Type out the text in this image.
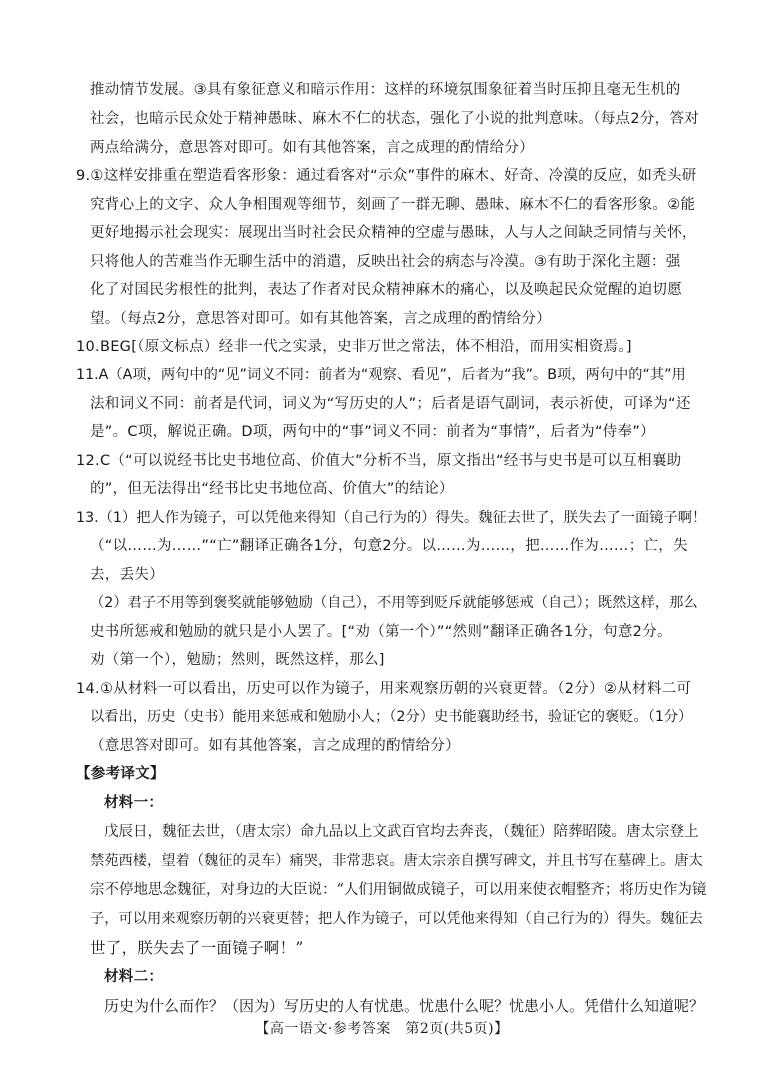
推动情节发展。③具有象征意义和暗示作用：这样的环境氛围象征着当时压抑且毫无生机的
社会，也暗示民众处于精神愚昧、麻木不仁的状态，强化了小说的批判意味。（每点2分，答对
两点给满分，意思答对即可。如有其他答案，言之成理的酌情给分）
9.①这样安排重在塑造看客形象：通过看客对“示众”事件的麻木、好奇、冷漠的反应，如秃头研
究背心上的文字、众人争相围观等细节，刻画了一群无聊、愚昧、麻木不仁的看客形象。②能
更好地揭示社会现实：展现出当时社会民众精神的空虚与愚昧，人与人之间缺乏同情与关怀，
只将他人的苦难当作无聊生活中的消遣，反映出社会的病态与冷漠。③有助于深化主题：强
化了对国民劣根性的批判，表达了作者对民众精神麻木的痛心，以及唤起民众觉醒的迫切愿
望。（每点2分，意思答对即可。如有其他答案，言之成理的酌情给分）
10.BEG[（原文标点）经非一代之实录，史非万世之常法，体不相沿，而用实相资焉。]
11.A（A项，两句中的“见”词义不同：前者为“观察、看见”，后者为“我”。B项，两句中的“其”用
法和词义不同：前者是代词，词义为“写历史的人”；后者是语气副词，表示祈使，可译为“还
是”。C项，解说正确。D项，两句中的“事”词义不同：前者为“事情”，后者为“侍奉”）
12.C（“可以说经书比史书地位高、价值大”分析不当，原文指出“经书与史书是可以互相襄助
的”，但无法得出“经书比史书地位高、价值大”的结论）
13.（1）把人作为镜子，可以凭他来得知（自己行为的）得失。魏征去世了，朕失去了一面镜子啊！
（“以……为……”“亡”翻译正确各1分，句意2分。以……为……，把……作为……；亡，失
去，丢失）
（2）君子不用等到褒奖就能够勉励（自己），不用等到贬斥就能够惩戒（自己）；既然这样，那么
史书所惩戒和勉励的就只是小人罢了。[“劝（第一个）”“然则”翻译正确各1分，句意2分。
劝（第一个），勉励；然则，既然这样，那么]
14.①从材料一可以看出，历史可以作为镜子，用来观察历朝的兴衰更替。（2分）②从材料二可
以看出，历史（史书）能用来惩戒和勉励小人；（2分）史书能襄助经书，验证它的褒贬。（1分）
（意思答对即可。如有其他答案，言之成理的酌情给分）
【参考译文】
材料一：
戊辰日，魏征去世，（唐太宗）命九品以上文武百官均去奔丧，（魏征）陪葬昭陵。唐太宗登上
禁苑西楼，望着（魏征的灵车）痛哭，非常悲哀。唐太宗亲自撰写碑文，并且书写在墓碑上。唐太
宗不停地思念魏征，对身边的大臣说：“人们用铜做成镜子，可以用来使衣帽整齐；将历史作为镜
子，可以用来观察历朝的兴衰更替；把人作为镜子，可以凭他来得知（自己行为的）得失。魏征去
世了，朕失去了一面镜子啊！”
材料二：
历史为什么而作？（因为）写历史的人有忧患。忧患什么呢？忧患小人。凭借什么知道呢？
【高一语文·参考答案　第2页(共5页)】
